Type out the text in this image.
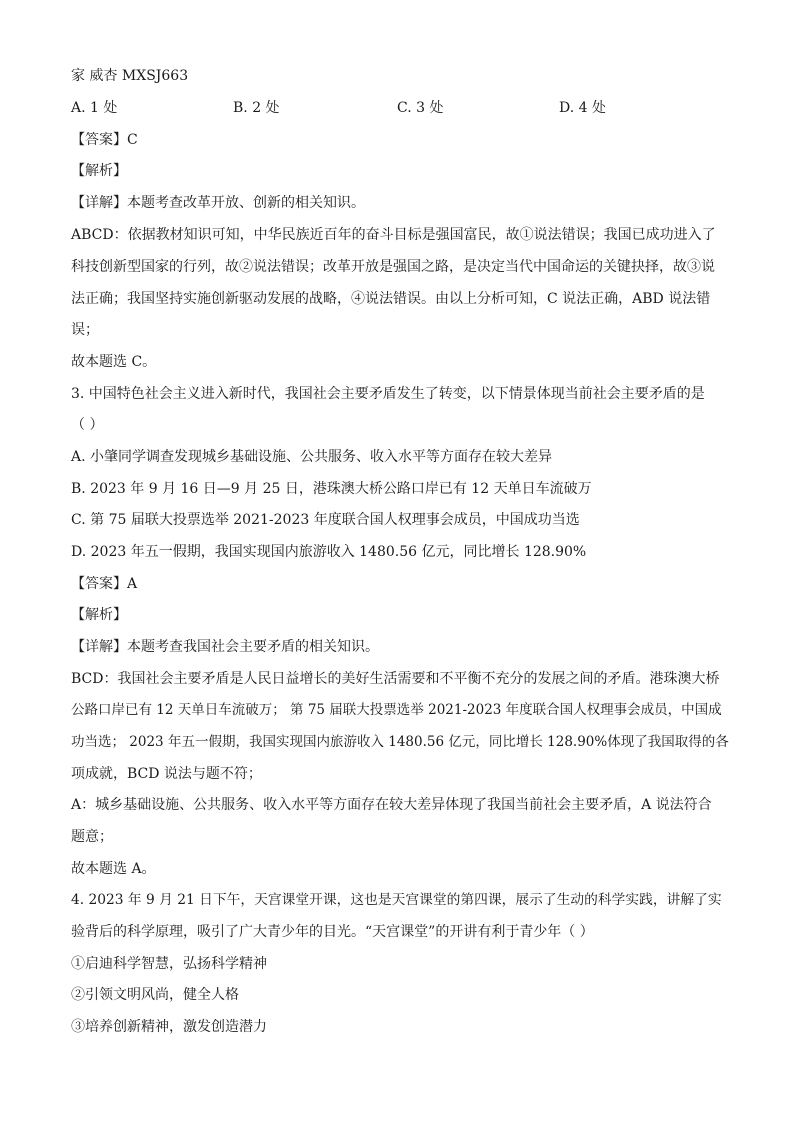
家 威杏 MXSJ663
A. 1 处	B. 2 处	C. 3 处	D. 4 处
【答案】C
【解析】
【详解】本题考查改革开放、创新的相关知识。
ABCD：依据教材知识可知，中华民族近百年的奋斗目标是强国富民，故①说法错误；我国已成功进入了
科技创新型国家的行列，故②说法错误；改革开放是强国之路，是决定当代中国命运的关键抉择，故③说
法正确；我国坚持实施创新驱动发展的战略，④说法错误。由以上分析可知，C 说法正确，ABD 说法错
误；
故本题选 C。
3. 中国特色社会主义进入新时代，我国社会主要矛盾发生了转变，以下情景体现当前社会主要矛盾的是
（ ）
A. 小肇同学调查发现城乡基础设施、公共服务、收入水平等方面存在较大差异
B. 2023 年 9 月 16 日—9 月 25 日，港珠澳大桥公路口岸已有 12 天单日车流破万
C. 第 75 届联大投票选举 2021-2023 年度联合国人权理事会成员，中国成功当选
D. 2023 年五一假期，我国实现国内旅游收入 1480.56 亿元，同比增长 128.90%
【答案】A
【解析】
【详解】本题考查我国社会主要矛盾的相关知识。
BCD：我国社会主要矛盾是人民日益增长的美好生活需要和不平衡不充分的发展之间的矛盾。港珠澳大桥
公路口岸已有 12 天单日车流破万； 第 75 届联大投票选举 2021-2023 年度联合国人权理事会成员，中国成
功当选； 2023 年五一假期，我国实现国内旅游收入 1480.56 亿元，同比增长 128.90%体现了我国取得的各
项成就，BCD 说法与题不符；
A：城乡基础设施、公共服务、收入水平等方面存在较大差异体现了我国当前社会主要矛盾，A 说法符合
题意；
故本题选 A。
4. 2023 年 9 月 21 日下午，天宫课堂开课，这也是天宫课堂的第四课，展示了生动的科学实践，讲解了实
验背后的科学原理，吸引了广大青少年的目光。“天宫课堂”的开讲有利于青少年（ ）
①启迪科学智慧，弘扬科学精神
②引领文明风尚，健全人格
③培养创新精神，激发创造潜力
